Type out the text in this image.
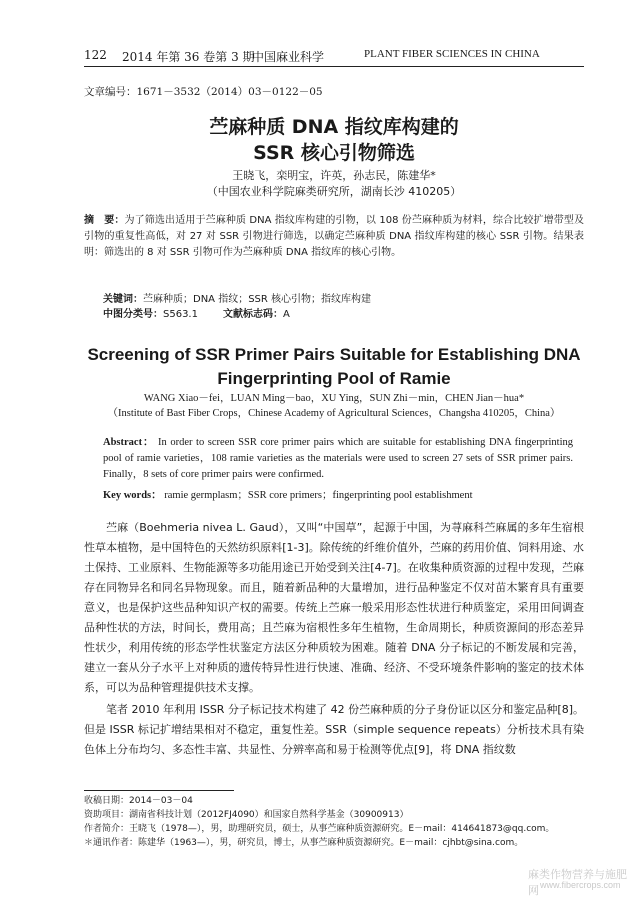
122	2014 年第 36 卷第 3 期
中国麻业科学	PLANT FIBER SCIENCES IN CHINA
文章编号：1671－3532（2014）03－0122－05
苎麻种质 DNA 指纹库构建的
SSR 核心引物筛选
王晓飞，栾明宝，许英，孙志民，陈建华*
（中国农业科学院麻类研究所，湖南长沙 410205）
摘　要：为了筛选出适用于苎麻种质 DNA 指纹库构建的引物，以 108 份苎麻种质为材料，综合比较扩增带型及引物的重复性高低，对 27 对 SSR 引物进行筛选，以确定苎麻种质 DNA 指纹库构建的核心 SSR 引物。结果表明：筛选出的 8 对 SSR 引物可作为苎麻种质 DNA 指纹库的核心引物。
关键词：苎麻种质；DNA 指纹；SSR 核心引物；指纹库构建
中图分类号：S563.1	文献标志码：A
Screening of SSR Primer Pairs Suitable for Establishing DNA Fingerprinting Pool of Ramie
WANG Xiao－fei，LUAN Ming－bao，XU Ying，SUN Zhi－min，CHEN Jian－hua*
（Institute of Bast Fiber Crops，Chinese Academy of Agricultural Sciences，Changsha 410205，China）
Abstract： In order to screen SSR core primer pairs which are suitable for establishing DNA fingerprinting pool of ramie varieties，108 ramie varieties as the materials were used to screen 27 sets of SSR primer pairs. Finally，8 sets of core primer pairs were confirmed.
Key words： ramie germplasm；SSR core primers；fingerprinting pool establishment

苎麻（Boehmeria nivea L. Gaud），又叫“中国草”，起源于中国，为荨麻科苎麻属的多年生宿根性草本植物，是中国特色的天然纺织原料[1-3]。除传统的纤维价值外，苎麻的药用价值、饲料用途、水土保持、工业原料、生物能源等多功能用途已开始受到关注[4-7]。在收集种质资源的过程中发现，苎麻存在同物异名和同名异物现象。而且，随着新品种的大量增加，进行品种鉴定不仅对苗木繁育具有重要意义，也是保护这些品种知识产权的需要。传统上苎麻一般采用形态性状进行种质鉴定，采用田间调查品种性状的方法，时间长，费用高；且苎麻为宿根性多年生植物，生命周期长，种质资源间的形态差异性状少，利用传统的形态学性状鉴定方法区分种质较为困难。随着 DNA 分子标记的不断发展和完善，建立一套从分子水平上对种质的遗传特异性进行快速、准确、经济、不受环境条件影响的鉴定的技术体系，可以为品种管理提供技术支撑。

笔者 2010 年利用 ISSR 分子标记技术构建了 42 份苎麻种质的分子身份证以区分和鉴定品种[8]。但是 ISSR 标记扩增结果相对不稳定，重复性差。SSR（simple sequence repeats）分析技术具有染色体上分布均匀、多态性丰富、共显性、分辨率高和易于检测等优点[9]，将 DNA 指纹数

收稿日期：2014－03－04
资助项目：湖南省科技计划（2012FJ4090）和国家自然科学基金（30900913）
作者简介：王晓飞（1978—），男，助理研究员，硕士，从事苎麻种质资源研究。E－mail：414641873@qq.com。
＊通讯作者：陈建华（1963—），男，研究员，博士，从事苎麻种质资源研究。E－mail：cjhbt@sina.com。
麻类作物营养与施肥网 www.fibercrops.com
